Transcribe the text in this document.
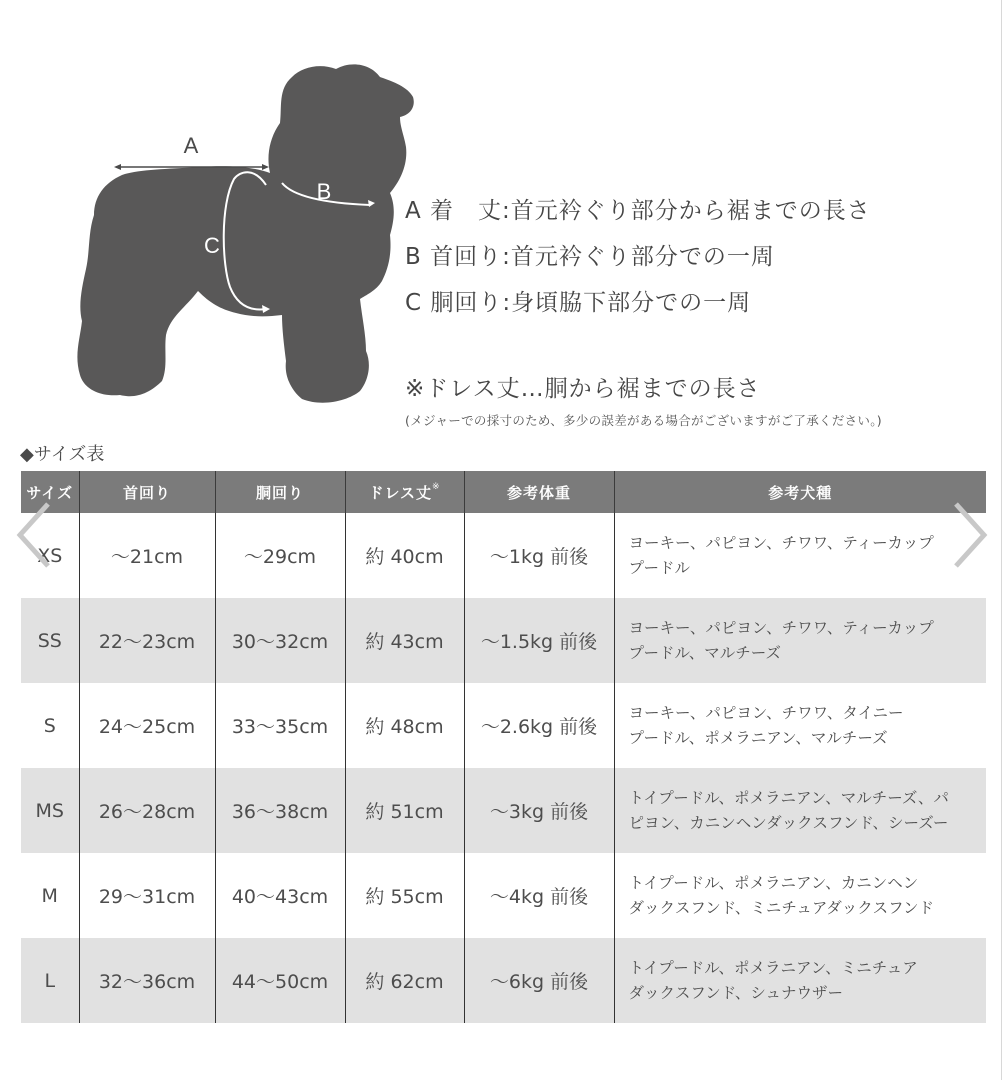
A
B
C
A 着　丈:首元衿ぐり部分から裾までの長さ
B 首回り:首元衿ぐり部分での一周
C 胴回り:身頃脇下部分での一周
※ドレス丈…胴から裾までの長さ
(メジャーでの採寸のため、多少の誤差がある場合がございますがご了承ください。)
◆サイズ表
サイズ	首回り	胴回り	ドレス丈※	参考体重	参考犬種
XS	～21cm	～29cm	約 40cm	～1kg 前後	ヨーキー、パピヨン、チワワ、ティーカップ
プードル

SS	22～23cm	30～32cm	約 43cm	～1.5kg 前後	ヨーキー、パピヨン、チワワ、ティーカップ
プードル、マルチーズ

S	24～25cm	33～35cm	約 48cm	～2.6kg 前後	ヨーキー、パピヨン、チワワ、タイニー
プードル、ポメラニアン、マルチーズ

MS	26～28cm	36～38cm	約 51cm	～3kg 前後	トイプードル、ポメラニアン、マルチーズ、パ
ピヨン、カニンヘンダックスフンド、シーズー

M	29～31cm	40～43cm	約 55cm	～4kg 前後	トイプードル、ポメラニアン、カニンヘン
ダックスフンド、ミニチュアダックスフンド

L	32～36cm	44～50cm	約 62cm	～6kg 前後	トイプードル、ポメラニアン、ミニチュア
ダックスフンド、シュナウザー
